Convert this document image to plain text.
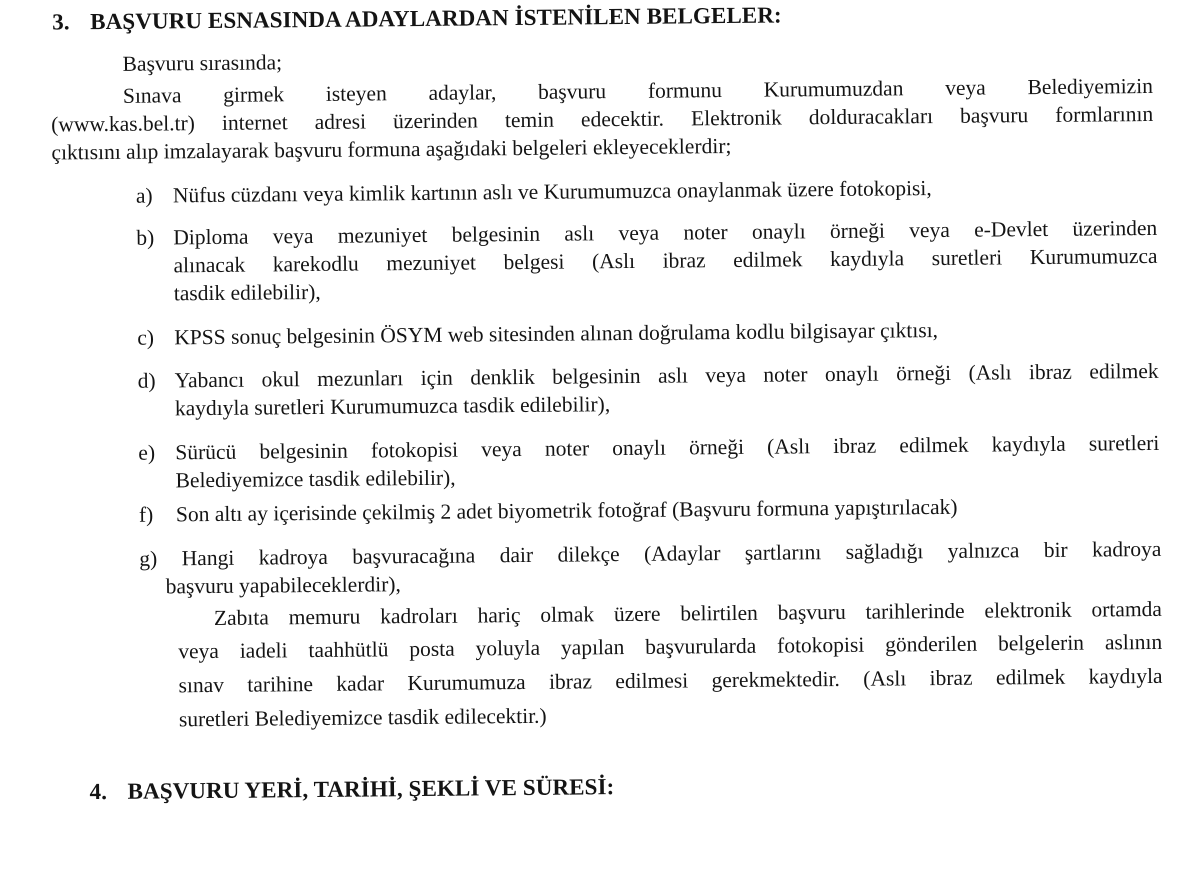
3. BAŞVURU ESNASINDA ADAYLARDAN İSTENİLEN BELGELER:
Başvuru sırasında;
Sınava girmek isteyen adaylar, başvuru formunu Kurumumuzdan veya Belediyemizin
(www.kas.bel.tr) internet adresi üzerinden temin edecektir. Elektronik dolduracakları başvuru formlarının
çıktısını alıp imzalayarak başvuru formuna aşağıdaki belgeleri ekleyeceklerdir;
a) Nüfus cüzdanı veya kimlik kartının aslı ve Kurumumuzca onaylanmak üzere fotokopisi,
b) Diploma veya mezuniyet belgesinin aslı veya noter onaylı örneği veya e-Devlet üzerinden
alınacak karekodlu mezuniyet belgesi (Aslı ibraz edilmek kaydıyla suretleri Kurumumuzca
tasdik edilebilir),
c) KPSS sonuç belgesinin ÖSYM web sitesinden alınan doğrulama kodlu bilgisayar çıktısı,
d) Yabancı okul mezunları için denklik belgesinin aslı veya noter onaylı örneği (Aslı ibraz edilmek
kaydıyla suretleri Kurumumuzca tasdik edilebilir),
e) Sürücü belgesinin fotokopisi veya noter onaylı örneği (Aslı ibraz edilmek kaydıyla suretleri
Belediyemizce tasdik edilebilir),
f) Son altı ay içerisinde çekilmiş 2 adet biyometrik fotoğraf (Başvuru formuna yapıştırılacak)
g) Hangi kadroya başvuracağına dair dilekçe (Adaylar şartlarını sağladığı yalnızca bir kadroya
başvuru yapabileceklerdir),
Zabıta memuru kadroları hariç olmak üzere belirtilen başvuru tarihlerinde elektronik ortamda
veya iadeli taahhütlü posta yoluyla yapılan başvurularda fotokopisi gönderilen belgelerin aslının
sınav tarihine kadar Kurumumuza ibraz edilmesi gerekmektedir. (Aslı ibraz edilmek kaydıyla
suretleri Belediyemizce tasdik edilecektir.)
4. BAŞVURU YERİ, TARİHİ, ŞEKLİ VE SÜRESİ:
